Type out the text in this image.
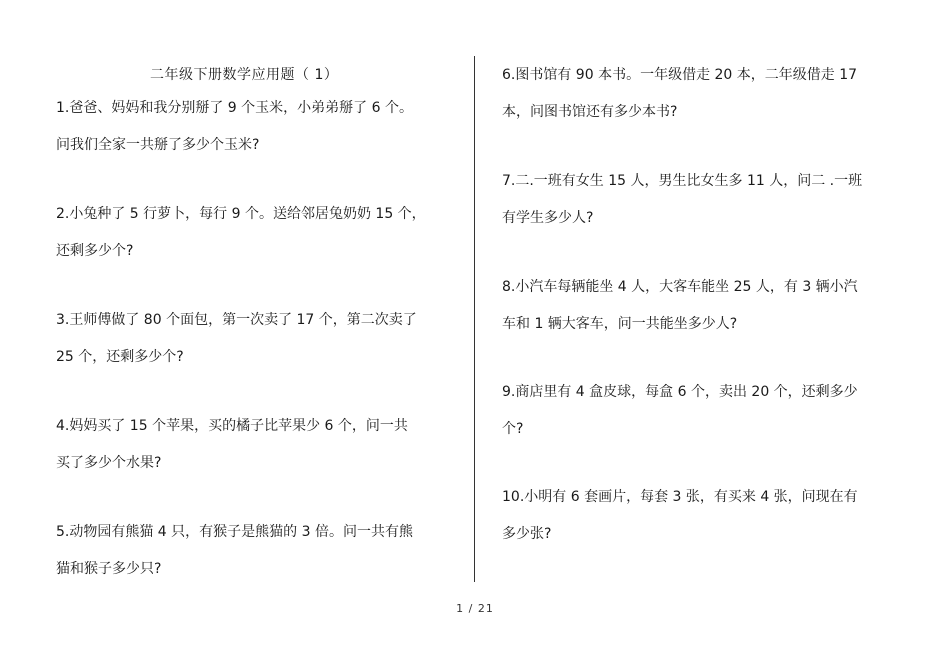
二年级下册数学应用题（ 1）
1.爸爸、妈妈和我分别掰了 9 个玉米，小弟弟掰了 6 个。
问我们全家一共掰了多少个玉米?
2.小兔种了 5 行萝卜，每行 9 个。送给邻居兔奶奶 15 个，
还剩多少个?
3.王师傅做了 80 个面包，第一次卖了 17 个，第二次卖了
25 个，还剩多少个?
4.妈妈买了 15 个苹果，买的橘子比苹果少 6 个，问一共
买了多少个水果?
5.动物园有熊猫 4 只，有猴子是熊猫的 3 倍。问一共有熊
猫和猴子多少只?
6.图书馆有 90 本书。一年级借走 20 本，二年级借走 17
本，问图书馆还有多少本书?
7.二.一班有女生 15 人，男生比女生多 11 人，问二 .一班
有学生多少人?
8.小汽车每辆能坐 4 人，大客车能坐 25 人，有 3 辆小汽
车和 1 辆大客车，问一共能坐多少人?
9.商店里有 4 盒皮球，每盒 6 个，卖出 20 个，还剩多少
个?
10.小明有 6 套画片，每套 3 张，有买来 4 张，问现在有
多少张?
1 / 21
